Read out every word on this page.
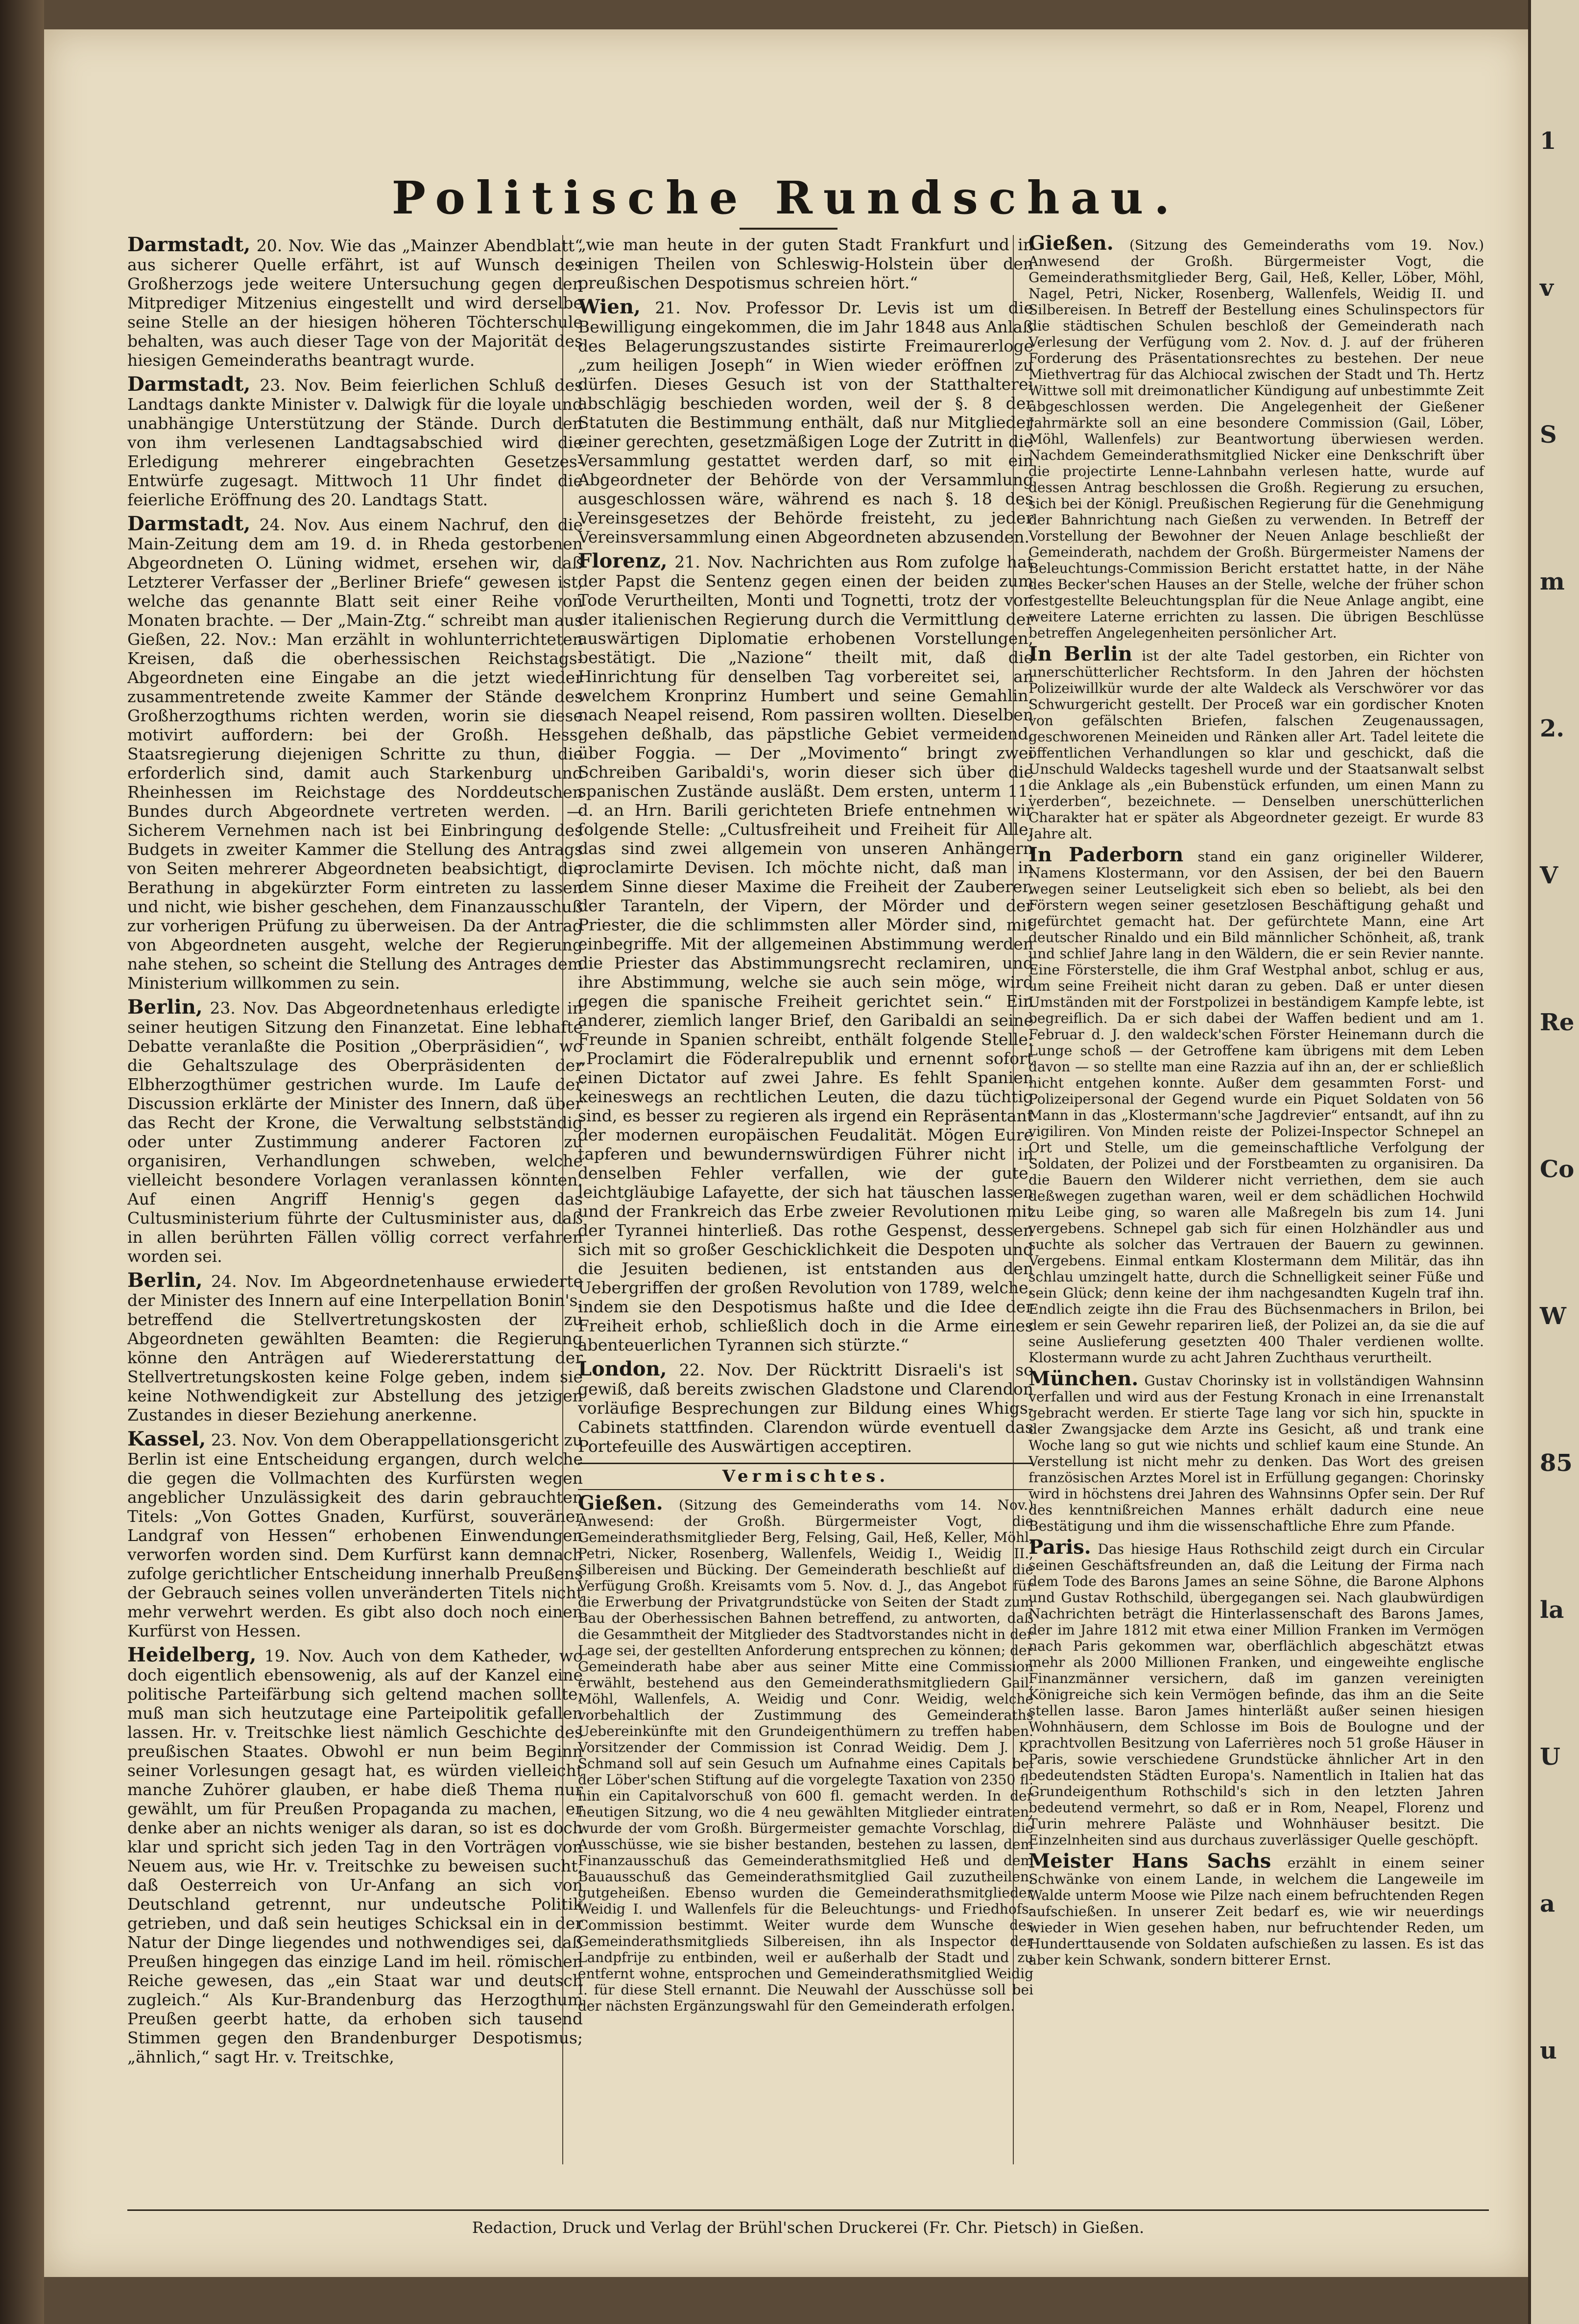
Politische Rundschau.

Darmstadt, 20. Nov. Wie das „Mainzer Abendblatt“ aus sicherer Quelle erfährt, ist auf Wunsch des Großherzogs jede weitere Untersuchung gegen den Mitprediger Mitzenius eingestellt und wird derselbe seine Stelle an der hiesigen höheren Töchterschule behalten, was auch dieser Tage von der Majorität des hiesigen Gemeinderaths beantragt wurde.

Darmstadt, 23. Nov. Beim feierlichen Schluß des Landtags dankte Minister v. Dalwigk für die loyale und unabhängige Unterstützung der Stände. Durch den von ihm verlesenen Landtagsabschied wird die Erledigung mehrerer eingebrachten Gesetzes-Entwürfe zugesagt. Mittwoch 11 Uhr findet die feierliche Eröffnung des 20. Landtags Statt.

Darmstadt, 24. Nov. Aus einem Nachruf, den die Main-Zeitung dem am 19. d. in Rheda gestorbenen Abgeordneten O. Lüning widmet, ersehen wir, daß Letzterer Verfasser der „Berliner Briefe“ gewesen ist, welche das genannte Blatt seit einer Reihe von Monaten brachte. — Der „Main-Ztg.“ schreibt man aus Gießen, 22. Nov.: Man erzählt in wohlunterrichteten Kreisen, daß die oberhessischen Reichstags-Abgeordneten eine Eingabe an die jetzt wieder zusammentretende zweite Kammer der Stände des Großherzogthums richten werden, worin sie diese motivirt auffordern: bei der Großh. Hess. Staatsregierung diejenigen Schritte zu thun, die erforderlich sind, damit auch Starkenburg und Rheinhessen im Reichstage des Norddeutschen Bundes durch Abgeordnete vertreten werden. — Sicherem Vernehmen nach ist bei Einbringung des Budgets in zweiter Kammer die Stellung des Antrags von Seiten mehrerer Abgeordneten beabsichtigt, die Berathung in abgekürzter Form eintreten zu lassen und nicht, wie bisher geschehen, dem Finanzausschuß zur vorherigen Prüfung zu überweisen. Da der Antrag von Abgeordneten ausgeht, welche der Regierung nahe stehen, so scheint die Stellung des Antrages dem Ministerium willkommen zu sein.

Berlin, 23. Nov. Das Abgeordnetenhaus erledigte in seiner heutigen Sitzung den Finanzetat. Eine lebhafte Debatte veranlaßte die Position „Oberpräsidien“, wo die Gehaltszulage des Oberpräsidenten der Elbherzogthümer gestrichen wurde. Im Laufe der Discussion erklärte der Minister des Innern, daß über das Recht der Krone, die Verwaltung selbstständig oder unter Zustimmung anderer Factoren zu organisiren, Verhandlungen schweben, welche vielleicht besondere Vorlagen veranlassen könnten. Auf einen Angriff Hennig's gegen das Cultusministerium führte der Cultusminister aus, daß in allen berührten Fällen völlig correct verfahren worden sei.

Berlin, 24. Nov. Im Abgeordnetenhause erwiederte der Minister des Innern auf eine Interpellation Bonin's, betreffend die Stellvertretungskosten der zu Abgeordneten gewählten Beamten: die Regierung könne den Anträgen auf Wiedererstattung der Stellvertretungskosten keine Folge geben, indem sie keine Nothwendigkeit zur Abstellung des jetzigen Zustandes in dieser Beziehung anerkenne.

Kassel, 23. Nov. Von dem Oberappellationsgericht zu Berlin ist eine Entscheidung ergangen, durch welche die gegen die Vollmachten des Kurfürsten wegen angeblicher Unzulässigkeit des darin gebrauchten Titels: „Von Gottes Gnaden, Kurfürst, souveräner Landgraf von Hessen“ erhobenen Einwendungen verworfen worden sind. Dem Kurfürst kann demnach zufolge gerichtlicher Entscheidung innerhalb Preußens der Gebrauch seines vollen unveränderten Titels nicht mehr verwehrt werden. Es gibt also doch noch einen Kurfürst von Hessen.

Heidelberg, 19. Nov. Auch von dem Katheder, wo doch eigentlich ebensowenig, als auf der Kanzel eine politische Parteifärbung sich geltend machen sollte, muß man sich heutzutage eine Parteipolitik gefallen lassen. Hr. v. Treitschke liest nämlich Geschichte des preußischen Staates. Obwohl er nun beim Beginn seiner Vorlesungen gesagt hat, es würden vielleicht manche Zuhörer glauben, er habe dieß Thema nur gewählt, um für Preußen Propaganda zu machen, er denke aber an nichts weniger als daran, so ist es doch klar und spricht sich jeden Tag in den Vorträgen von Neuem aus, wie Hr. v. Treitschke zu beweisen sucht, daß Oesterreich von Ur-Anfang an sich von Deutschland getrennt, nur undeutsche Politik getrieben, und daß sein heutiges Schicksal ein in der Natur der Dinge liegendes und nothwendiges sei, daß Preußen hingegen das einzige Land im heil. römischen Reiche gewesen, das „ein Staat war und deutsch zugleich.“ Als Kur-Brandenburg das Herzogthum Preußen geerbt hatte, da erhoben sich tausend Stimmen gegen den Brandenburger Despotismus; „ähnlich,“ sagt Hr. v. Treitschke,

„wie man heute in der guten Stadt Frankfurt und in einigen Theilen von Schleswig-Holstein über den preußischen Despotismus schreien hört.“

Wien, 21. Nov. Professor Dr. Levis ist um die Bewilligung eingekommen, die im Jahr 1848 aus Anlaß des Belagerungszustandes sistirte Freimaurerloge „zum heiligen Joseph“ in Wien wieder eröffnen zu dürfen. Dieses Gesuch ist von der Statthalterei abschlägig beschieden worden, weil der §. 8 der Statuten die Bestimmung enthält, daß nur Mitglieder einer gerechten, gesetzmäßigen Loge der Zutritt in die Versammlung gestattet werden darf, so mit ein Abgeordneter der Behörde von der Versammlung ausgeschlossen wäre, während es nach §. 18 des Vereinsgesetzes der Behörde freisteht, zu jeder Vereinsversammlung einen Abgeordneten abzusenden.

Florenz, 21. Nov. Nachrichten aus Rom zufolge hat der Papst die Sentenz gegen einen der beiden zum Tode Verurtheilten, Monti und Tognetti, trotz der von der italienischen Regierung durch die Vermittlung der auswärtigen Diplomatie erhobenen Vorstellungen, bestätigt. Die „Nazione“ theilt mit, daß die Hinrichtung für denselben Tag vorbereitet sei, an welchem Kronprinz Humbert und seine Gemahlin, nach Neapel reisend, Rom passiren wollten. Dieselben gehen deßhalb, das päpstliche Gebiet vermeidend, über Foggia. — Der „Movimento“ bringt zwei Schreiben Garibaldi's, worin dieser sich über die spanischen Zustände ausläßt. Dem ersten, unterm 11. d. an Hrn. Barili gerichteten Briefe entnehmen wir folgende Stelle: „Cultusfreiheit und Freiheit für Alle, das sind zwei allgemein von unseren Anhängern proclamirte Devisen. Ich möchte nicht, daß man in dem Sinne dieser Maxime die Freiheit der Zauberer, der Taranteln, der Vipern, der Mörder und der Priester, die die schlimmsten aller Mörder sind, mit einbegriffe. Mit der allgemeinen Abstimmung werden die Priester das Abstimmungsrecht reclamiren, und ihre Abstimmung, welche sie auch sein möge, wird gegen die spanische Freiheit gerichtet sein.“ Ein anderer, ziemlich langer Brief, den Garibaldi an seine Freunde in Spanien schreibt, enthält folgende Stelle: „Proclamirt die Föderalrepublik und ernennt sofort einen Dictator auf zwei Jahre. Es fehlt Spanien keineswegs an rechtlichen Leuten, die dazu tüchtig sind, es besser zu regieren als irgend ein Repräsentant der modernen europäischen Feudalität. Mögen Eure tapferen und bewundernswürdigen Führer nicht in denselben Fehler verfallen, wie der gute, leichtgläubige Lafayette, der sich hat täuschen lassen und der Frankreich das Erbe zweier Revolutionen mit der Tyrannei hinterließ. Das rothe Gespenst, dessen sich mit so großer Geschicklichkeit die Despoten und die Jesuiten bedienen, ist entstanden aus den Uebergriffen der großen Revolution von 1789, welche, indem sie den Despotismus haßte und die Idee der Freiheit erhob, schließlich doch in die Arme eines abenteuerlichen Tyrannen sich stürzte.“

London, 22. Nov. Der Rücktritt Disraeli's ist so gewiß, daß bereits zwischen Gladstone und Clarendon vorläufige Besprechungen zur Bildung eines Whigs-Cabinets stattfinden. Clarendon würde eventuell das Portefeuille des Auswärtigen acceptiren.

Vermischtes.

Gießen. (Sitzung des Gemeinderaths vom 14. Nov.) Anwesend: der Großh. Bürgermeister Vogt, die Gemeinderathsmitglieder Berg, Felsing, Gail, Heß, Keller, Möhl, Petri, Nicker, Rosenberg, Wallenfels, Weidig I., Weidig II., Silbereisen und Bücking. Der Gemeinderath beschließt auf die Verfügung Großh. Kreisamts vom 5. Nov. d. J., das Angebot für die Erwerbung der Privatgrundstücke von Seiten der Stadt zum Bau der Oberhessischen Bahnen betreffend, zu antworten, daß die Gesammtheit der Mitglieder des Stadtvorstandes nicht in der Lage sei, der gestellten Anforderung entsprechen zu können; der Gemeinderath habe aber aus seiner Mitte eine Commission erwählt, bestehend aus den Gemeinderathsmitgliedern Gail, Möhl, Wallenfels, A. Weidig und Conr. Weidig, welche vorbehaltlich der Zustimmung des Gemeinderaths Uebereinkünfte mit den Grundeigenthümern zu treffen haben. Vorsitzender der Commission ist Conrad Weidig. Dem J. K. Schmand soll auf sein Gesuch um Aufnahme eines Capitals bei der Löber'schen Stiftung auf die vorgelegte Taxation von 2350 fl. hin ein Capitalvorschuß von 600 fl. gemacht werden. In der heutigen Sitzung, wo die 4 neu gewählten Mitglieder eintraten, wurde der vom Großh. Bürgermeister gemachte Vorschlag, die Ausschüsse, wie sie bisher bestanden, bestehen zu lassen, dem Finanzausschuß das Gemeinderathsmitglied Heß und dem Bauausschuß das Gemeinderathsmitglied Gail zuzutheilen, gutgeheißen. Ebenso wurden die Gemeinderathsmitglieder Weidig I. und Wallenfels für die Beleuchtungs- und Friedhofs-Commission bestimmt. Weiter wurde dem Wunsche des Gemeinderathsmitglieds Silbereisen, ihn als Inspector der Landpfrije zu entbinden, weil er außerhalb der Stadt und zu entfernt wohne, entsprochen und Gemeinderathsmitglied Weidig I. für diese Stell ernannt. Die Neuwahl der Ausschüsse soll bei der nächsten Ergänzungswahl für den Gemeinderath erfolgen.

Gießen. (Sitzung des Gemeinderaths vom 19. Nov.) Anwesend der Großh. Bürgermeister Vogt, die Gemeinderathsmitglieder Berg, Gail, Heß, Keller, Löber, Möhl, Nagel, Petri, Nicker, Rosenberg, Wallenfels, Weidig II. und Silbereisen. In Betreff der Bestellung eines Schulinspectors für die städtischen Schulen beschloß der Gemeinderath nach Verlesung der Verfügung vom 2. Nov. d. J. auf der früheren Forderung des Präsentationsrechtes zu bestehen. Der neue Miethvertrag für das Alchiocal zwischen der Stadt und Th. Hertz Wittwe soll mit dreimonatlicher Kündigung auf unbestimmte Zeit abgeschlossen werden. Die Angelegenheit der Gießener Jahrmärkte soll an eine besondere Commission (Gail, Löber, Möhl, Wallenfels) zur Beantwortung überwiesen werden. Nachdem Gemeinderathsmitglied Nicker eine Denkschrift über die projectirte Lenne-Lahnbahn verlesen hatte, wurde auf dessen Antrag beschlossen die Großh. Regierung zu ersuchen, sich bei der Königl. Preußischen Regierung für die Genehmigung der Bahnrichtung nach Gießen zu verwenden. In Betreff der Vorstellung der Bewohner der Neuen Anlage beschließt der Gemeinderath, nachdem der Großh. Bürgermeister Namens der Beleuchtungs-Commission Bericht erstattet hatte, in der Nähe des Becker'schen Hauses an der Stelle, welche der früher schon festgestellte Beleuchtungsplan für die Neue Anlage angibt, eine weitere Laterne errichten zu lassen. Die übrigen Beschlüsse betreffen Angelegenheiten persönlicher Art.

In Berlin ist der alte Tadel gestorben, ein Richter von unerschütterlicher Rechtsform. In den Jahren der höchsten Polizeiwillkür wurde der alte Waldeck als Verschwörer vor das Schwurgericht gestellt. Der Proceß war ein gordischer Knoten von gefälschten Briefen, falschen Zeugenaussagen, geschworenen Meineiden und Ränken aller Art. Tadel leitete die öffentlichen Verhandlungen so klar und geschickt, daß die Unschuld Waldecks tageshell wurde und der Staatsanwalt selbst die Anklage als „ein Bubenstück erfunden, um einen Mann zu verderben“, bezeichnete. — Denselben unerschütterlichen Charakter hat er später als Abgeordneter gezeigt. Er wurde 83 Jahre alt.

In Paderborn stand ein ganz origineller Wilderer, Namens Klostermann, vor den Assisen, der bei den Bauern wegen seiner Leutseligkeit sich eben so beliebt, als bei den Förstern wegen seiner gesetzlosen Beschäftigung gehaßt und gefürchtet gemacht hat. Der gefürchtete Mann, eine Art deutscher Rinaldo und ein Bild männlicher Schönheit, aß, trank und schlief Jahre lang in den Wäldern, die er sein Revier nannte. Eine Försterstelle, die ihm Graf Westphal anbot, schlug er aus, um seine Freiheit nicht daran zu geben. Daß er unter diesen Umständen mit der Forstpolizei in beständigem Kampfe lebte, ist begreiflich. Da er sich dabei der Waffen bedient und am 1. Februar d. J. den waldeck'schen Förster Heinemann durch die Lunge schoß — der Getroffene kam übrigens mit dem Leben davon — so stellte man eine Razzia auf ihn an, der er schließlich nicht entgehen konnte. Außer dem gesammten Forst- und Polizeipersonal der Gegend wurde ein Piquet Soldaten von 56 Mann in das „Klostermann'sche Jagdrevier“ entsandt, auf ihn zu vigiliren. Von Minden reiste der Polizei-Inspector Schnepel an Ort und Stelle, um die gemeinschaftliche Verfolgung der Soldaten, der Polizei und der Forstbeamten zu organisiren. Da die Bauern den Wilderer nicht verriethen, dem sie auch deßwegen zugethan waren, weil er dem schädlichen Hochwild zu Leibe ging, so waren alle Maßregeln bis zum 14. Juni vergebens. Schnepel gab sich für einen Holzhändler aus und suchte als solcher das Vertrauen der Bauern zu gewinnen. Vergebens. Einmal entkam Klostermann dem Militär, das ihn schlau umzingelt hatte, durch die Schnelligkeit seiner Füße und sein Glück; denn keine der ihm nachgesandten Kugeln traf ihn. Endlich zeigte ihn die Frau des Büchsenmachers in Brilon, bei dem er sein Gewehr repariren ließ, der Polizei an, da sie die auf seine Auslieferung gesetzten 400 Thaler verdienen wollte. Klostermann wurde zu acht Jahren Zuchthaus verurtheilt.

München. Gustav Chorinsky ist in vollständigen Wahnsinn verfallen und wird aus der Festung Kronach in eine Irrenanstalt gebracht werden. Er stierte Tage lang vor sich hin, spuckte in der Zwangsjacke dem Arzte ins Gesicht, aß und trank eine Woche lang so gut wie nichts und schlief kaum eine Stunde. An Verstellung ist nicht mehr zu denken. Das Wort des greisen französischen Arztes Morel ist in Erfüllung gegangen: Chorinsky wird in höchstens drei Jahren des Wahnsinns Opfer sein. Der Ruf des kenntnißreichen Mannes erhält dadurch eine neue Bestätigung und ihm die wissenschaftliche Ehre zum Pfande.

Paris. Das hiesige Haus Rothschild zeigt durch ein Circular seinen Geschäftsfreunden an, daß die Leitung der Firma nach dem Tode des Barons James an seine Söhne, die Barone Alphons und Gustav Rothschild, übergegangen sei. Nach glaubwürdigen Nachrichten beträgt die Hinterlassenschaft des Barons James, der im Jahre 1812 mit etwa einer Million Franken im Vermögen nach Paris gekommen war, oberflächlich abgeschätzt etwas mehr als 2000 Millionen Franken, und eingeweihte englische Finanzmänner versichern, daß im ganzen vereinigten Königreiche sich kein Vermögen befinde, das ihm an die Seite stellen lasse. Baron James hinterläßt außer seinen hiesigen Wohnhäusern, dem Schlosse im Bois de Boulogne und der prachtvollen Besitzung von Laferrières noch 51 große Häuser in Paris, sowie verschiedene Grundstücke ähnlicher Art in den bedeutendsten Städten Europa's. Namentlich in Italien hat das Grundeigenthum Rothschild's sich in den letzten Jahren bedeutend vermehrt, so daß er in Rom, Neapel, Florenz und Turin mehrere Paläste und Wohnhäuser besitzt. Die Einzelnheiten sind aus durchaus zuverlässiger Quelle geschöpft.

Meister Hans Sachs erzählt in einem seiner Schwänke von einem Lande, in welchem die Langeweile im Walde unterm Moose wie Pilze nach einem befruchtenden Regen aufschießen. In unserer Zeit bedarf es, wie wir neuerdings wieder in Wien gesehen haben, nur befruchtender Reden, um Hunderttausende von Soldaten aufschießen zu lassen. Es ist das aber kein Schwank, sondern bitterer Ernst.

Redaction, Druck und Verlag der Brühl'schen Druckerei (Fr. Chr. Pietsch) in Gießen.
1
v
S
m
2.
V
Re
Co
W
85
la
U
a
u
